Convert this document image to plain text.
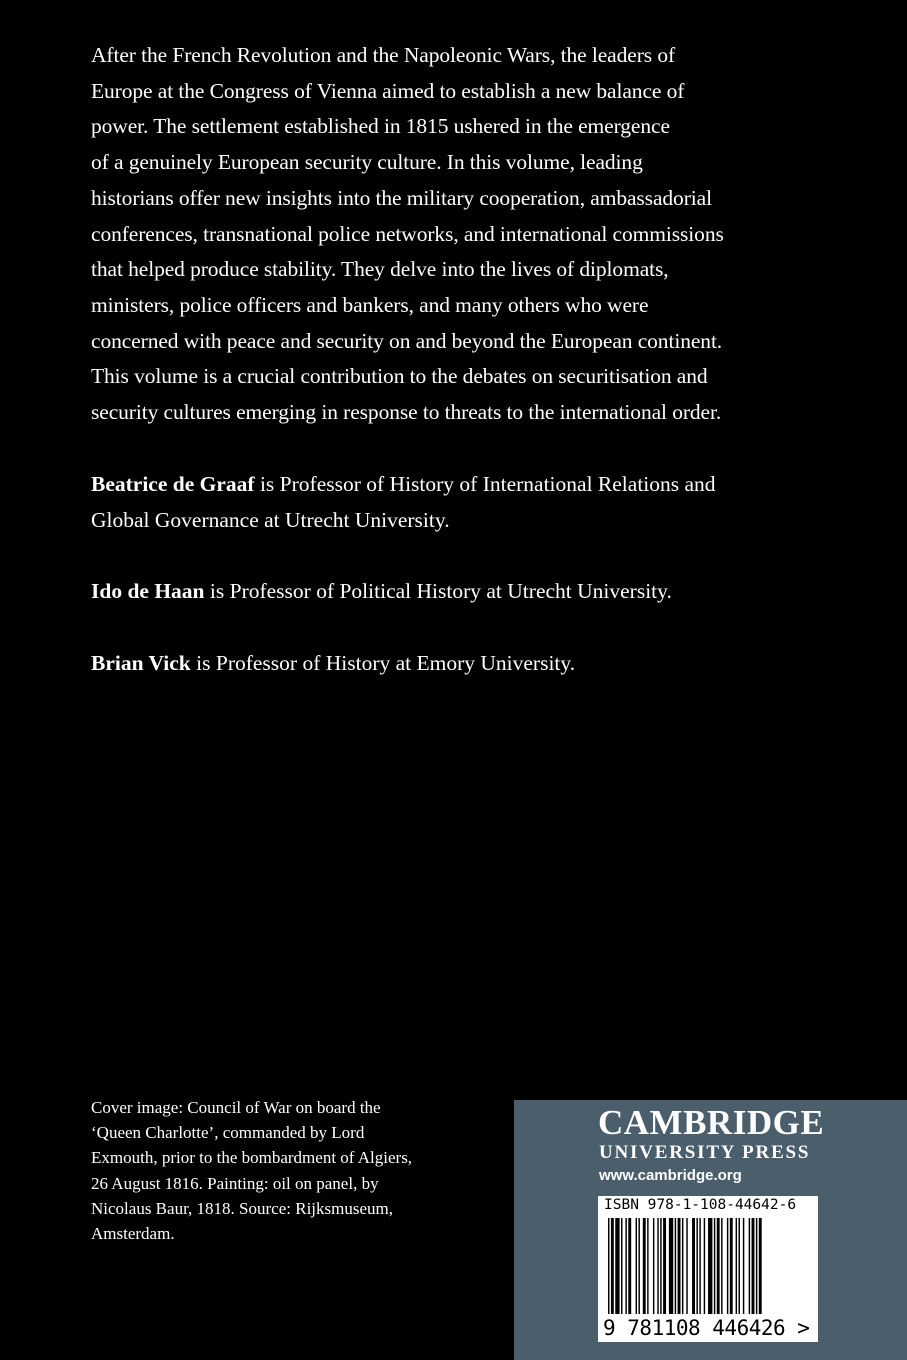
After the French Revolution and the Napoleonic Wars, the leaders of
Europe at the Congress of Vienna aimed to establish a new balance of
power. The settlement established in 1815 ushered in the emergence
of a genuinely European security culture. In this volume, leading
historians offer new insights into the military cooperation, ambassadorial
conferences, transnational police networks, and international commissions
that helped produce stability. They delve into the lives of diplomats,
ministers, police officers and bankers, and many others who were
concerned with peace and security on and beyond the European continent.
This volume is a crucial contribution to the debates on securitisation and
security cultures emerging in response to threats to the international order.
Beatrice de Graaf is Professor of History of International Relations and
Global Governance at Utrecht University.
Ido de Haan is Professor of Political History at Utrecht University.
Brian Vick is Professor of History at Emory University.
Cover image: Council of War on board the
‘Queen Charlotte’, commanded by Lord
Exmouth, prior to the bombardment of Algiers,
26 August 1816. Painting: oil on panel, by
Nicolaus Baur, 1818. Source: Rijksmuseum,
Amsterdam.
CAMBRIDGE
UNIVERSITY PRESS
www.cambridge.org
ISBN 978-1-108-44642-6
9 781108 446426 >
